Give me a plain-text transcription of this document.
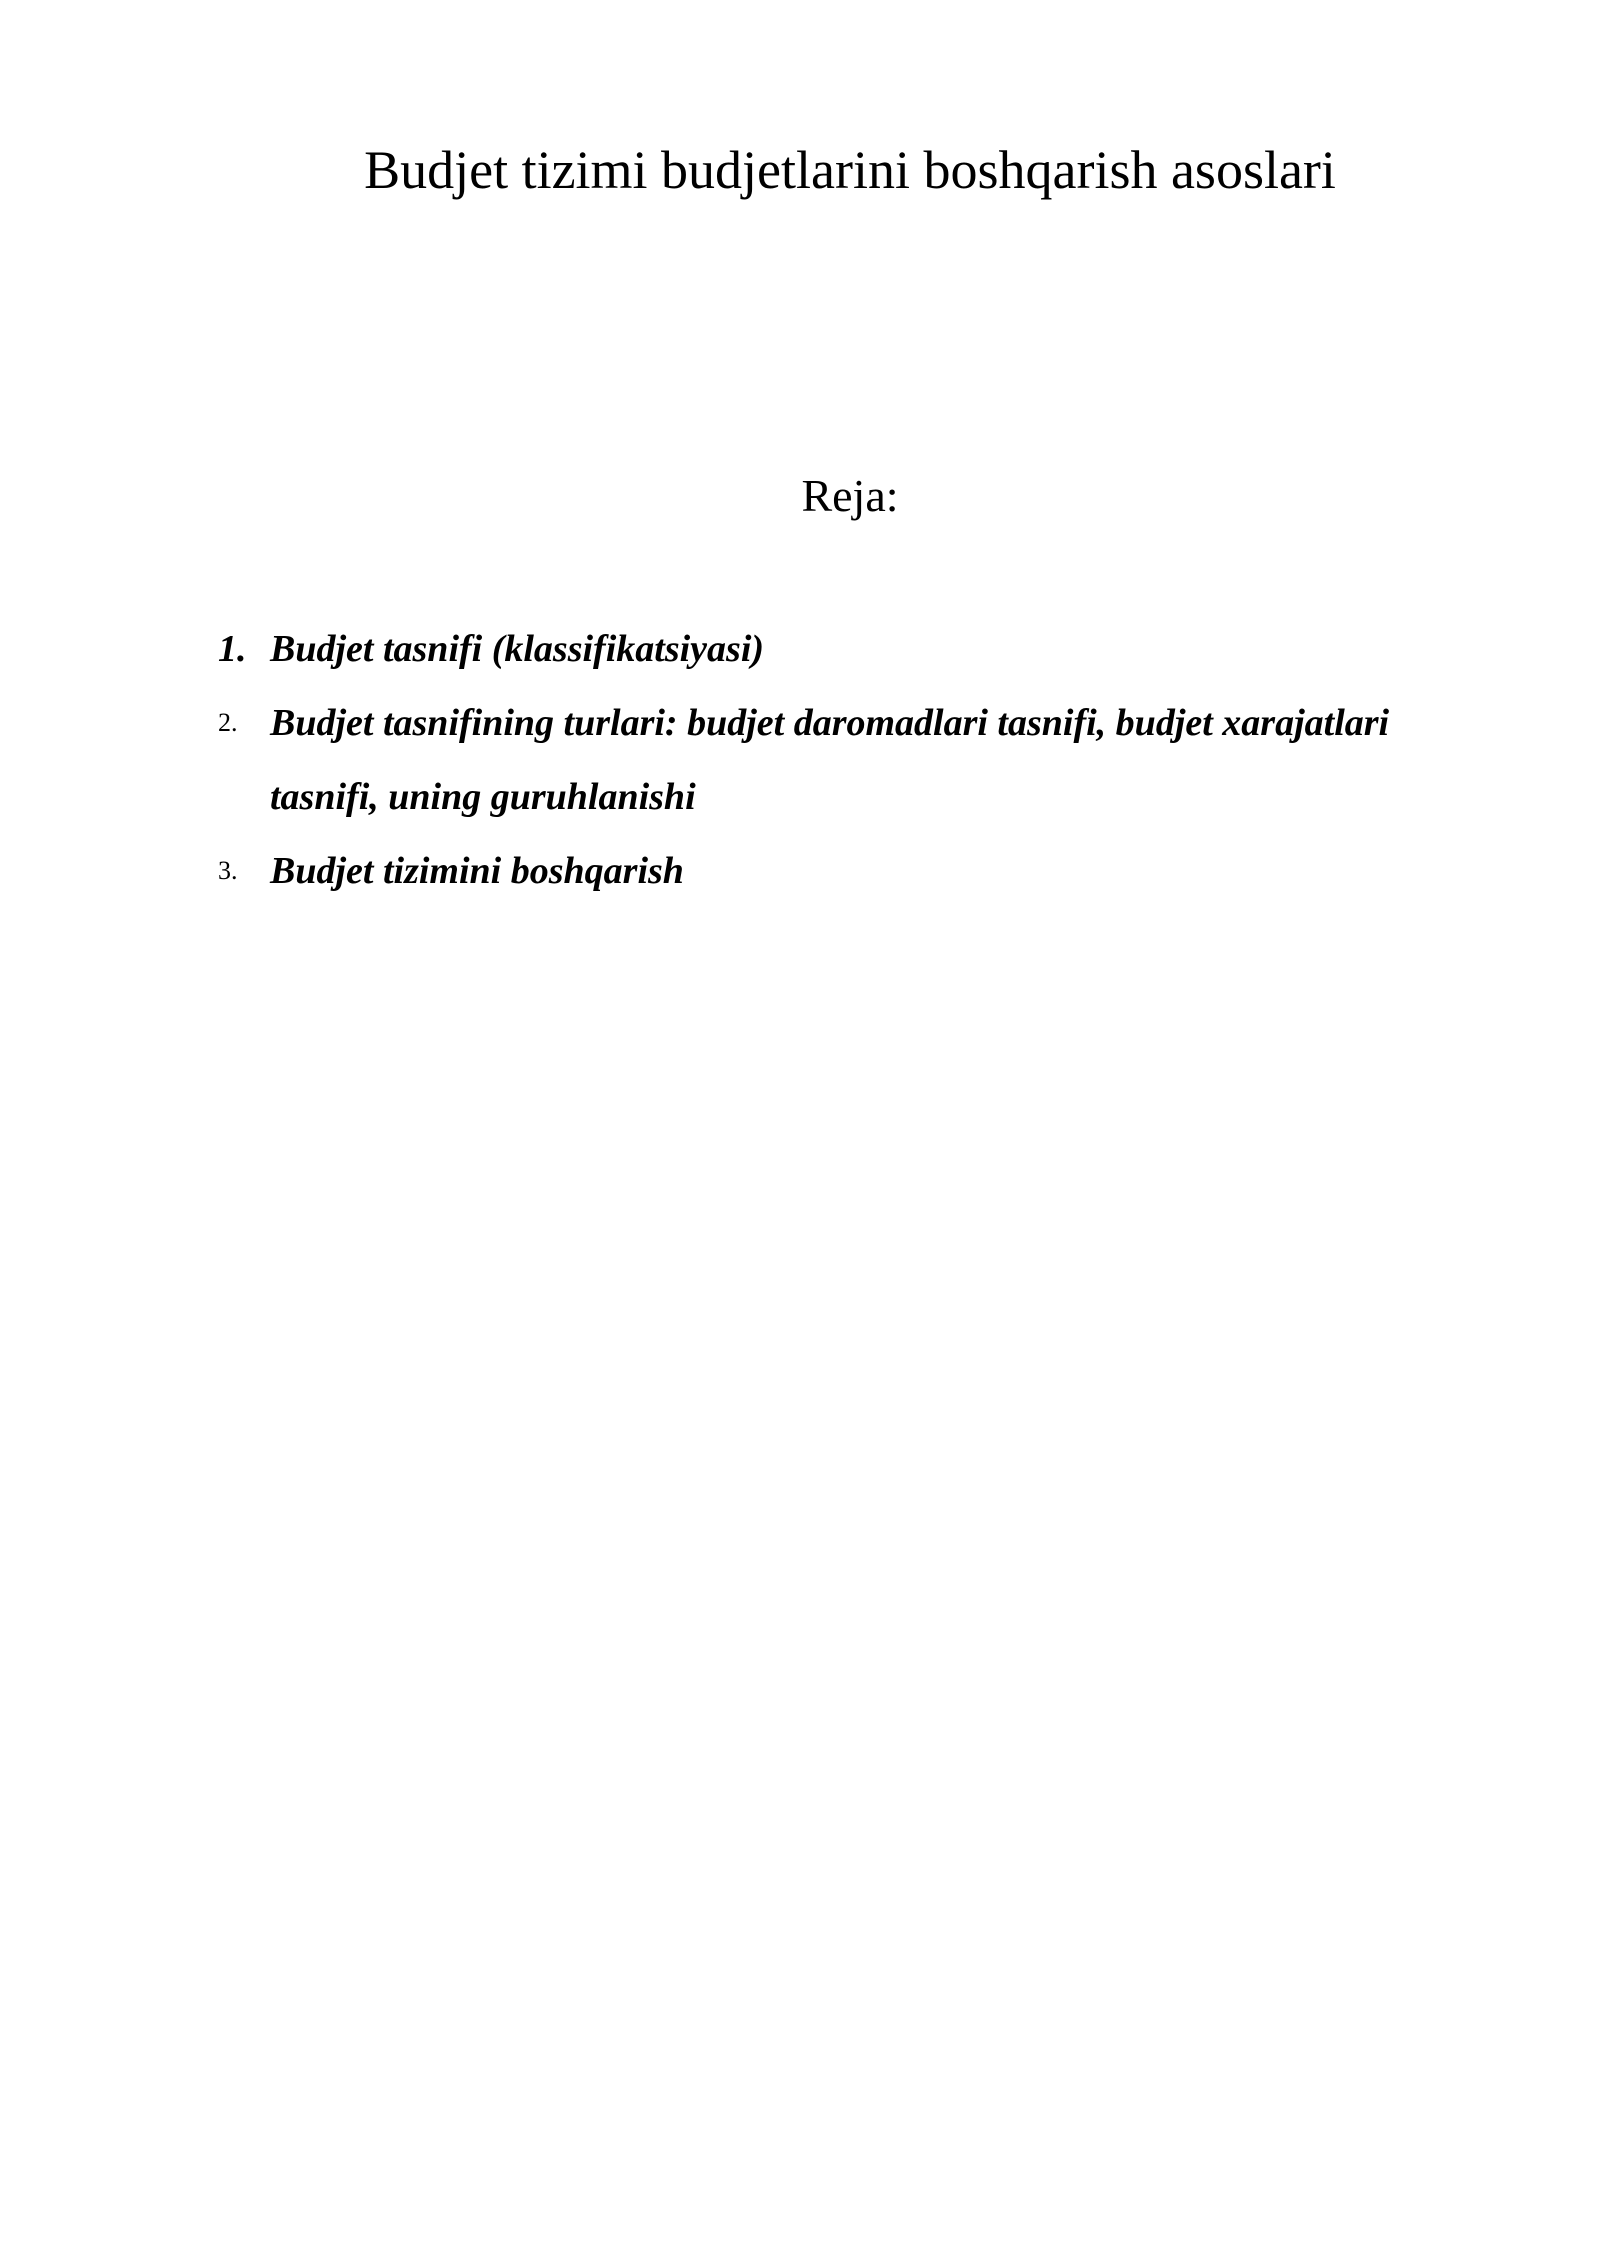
Budjet tizimi budjetlarini boshqarish asoslari
Reja:
1. Budjet tasnifi (klassifikatsiyasi)
2. Budjet tasnifining turlari: budjet daromadlari tasnifi, budjet xarajatlari tasnifi, uning guruhlanishi
3. Budjet tizimini boshqarish
